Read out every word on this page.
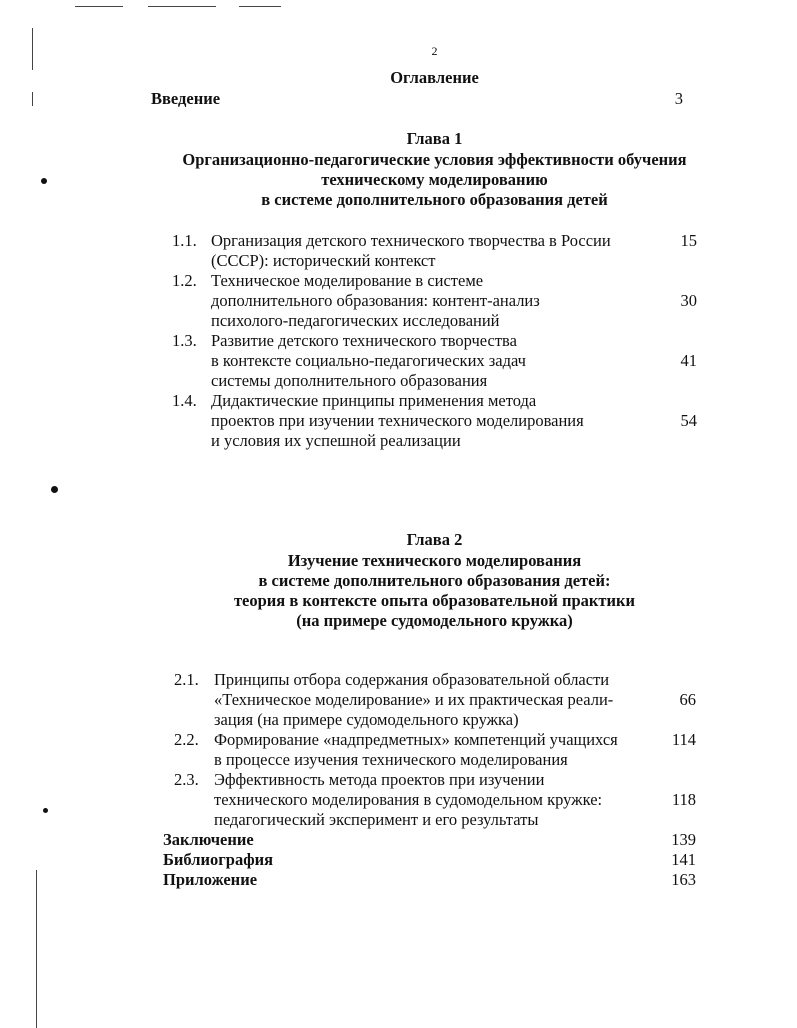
2
Оглавление
Введение	3
Глава 1
Организационно-педагогические условия эффективности обучения
техническому моделированию
в системе дополнительного образования детей
1.1. Организация детского технического творчества в России
(СССР): исторический контекст
15
1.2. Техническое моделирование в системе
дополнительного образования: контент-анализ
психолого-педагогических исследований
30
1.3. Развитие детского технического творчества
в контексте социально-педагогических задач
системы дополнительного образования
41
1.4. Дидактические принципы применения метода
проектов при изучении технического моделирования
и условия их успешной реализации
54
Глава 2
Изучение технического моделирования
в системе дополнительного образования детей:
теория в контексте опыта образовательной практики
(на примере судомодельного кружка)
2.1. Принципы отбора содержания образовательной области
«Техническое моделирование» и их практическая реали-
зация (на примере судомодельного кружка)
66
2.2. Формирование «надпредметных» компетенций учащихся
в процессе изучения технического моделирования
114
2.3. Эффективность метода проектов при изучении
технического моделирования в судомодельном кружке:
педагогический эксперимент и его результаты
118
Заключение	139
Библиография	141
Приложение	163
